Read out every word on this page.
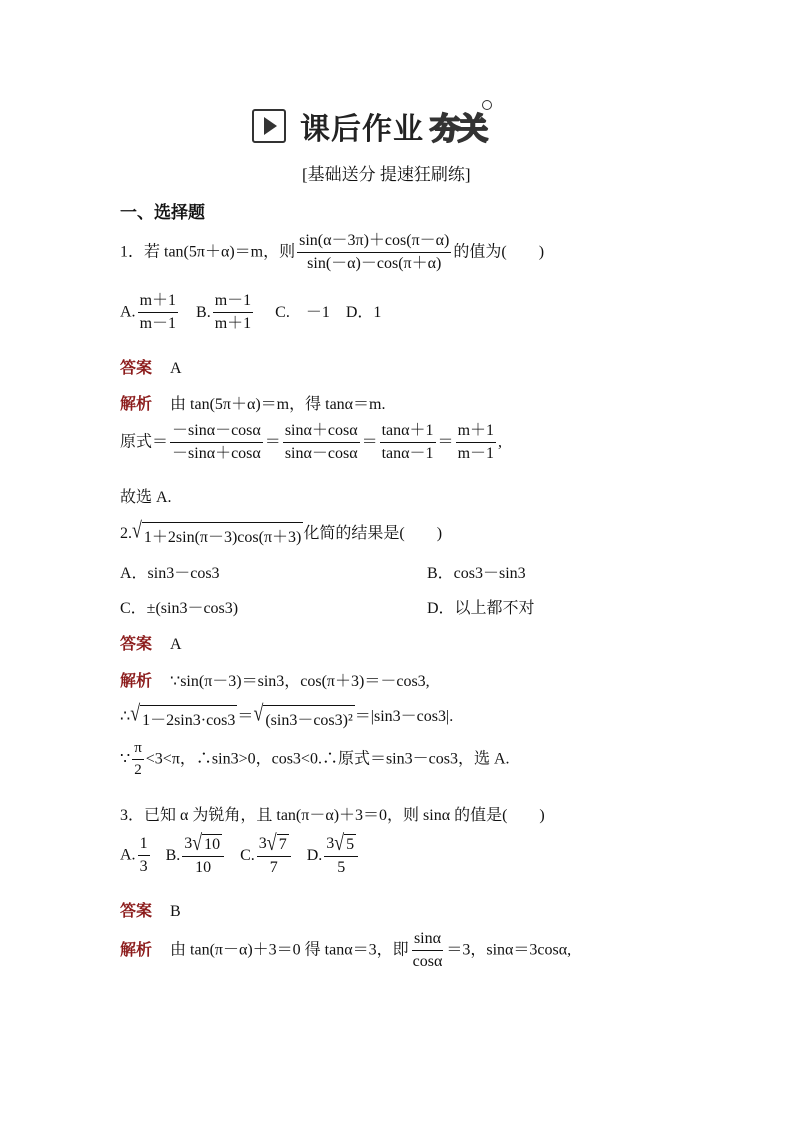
课后作业 夯关
[基础送分 提速狂刷练]
一、选择题
1．若 tan(5π＋α)＝m，则 $\frac{\sin(\alpha-3\pi)+\cos(\pi-\alpha)}{\sin(-\alpha)-\cos(\pi+\alpha)}$ 的值为(　　)
A. $\frac{m+1}{m-1} B$. $\frac{m-1}{m+1} C$.　－1　D．1
答案 A
解析 由 tan(5π＋α)＝m，得 tanα＝m.
原式＝ $\frac{-\sin\alpha-\cos\alpha}{-\sin\alpha+\cos\alpha} = \frac{\sin\alpha+\cos\alpha}{\sin\alpha-\cos\alpha} = \frac{\tan\alpha+1}{\tan\alpha-1} = \frac{m+1}{m-1}$ ,
故选 A.
2. √ 1＋2sin(π－3)cos(π＋3) 化简的结果是(　　)
A．sin3－cos3	B．cos3－sin3
C．±(sin3－cos3)	D．以上都不对
答案 A
解析 ∵sin(π－3)＝sin3，cos(π＋3)＝－cos3,
∴ √ 1－2sin3·cos3 ＝ √ (sin3－cos3)² ＝|sin3－cos3|.
∵ $\frac{\pi}{2} <3<\pi$，∴sin3>0，cos3<0.∴原式＝sin3－cos3，选 A.
3．已知 α 为锐角，且 tan(π－α)＋3＝0，则 sinα 的值是(　　)
A. $\frac{1}{3} B$. $\frac{3 √ 10}{10} C$. $\frac{3 √ 7}{7} D$. $\frac{3 √ 5}{5}$
答案 B
解析 由 tan(π－α)＋3＝0 得 tanα＝3，即 $\frac{\sin\alpha}{\cos\alpha} =3$，sinα＝3cosα,
